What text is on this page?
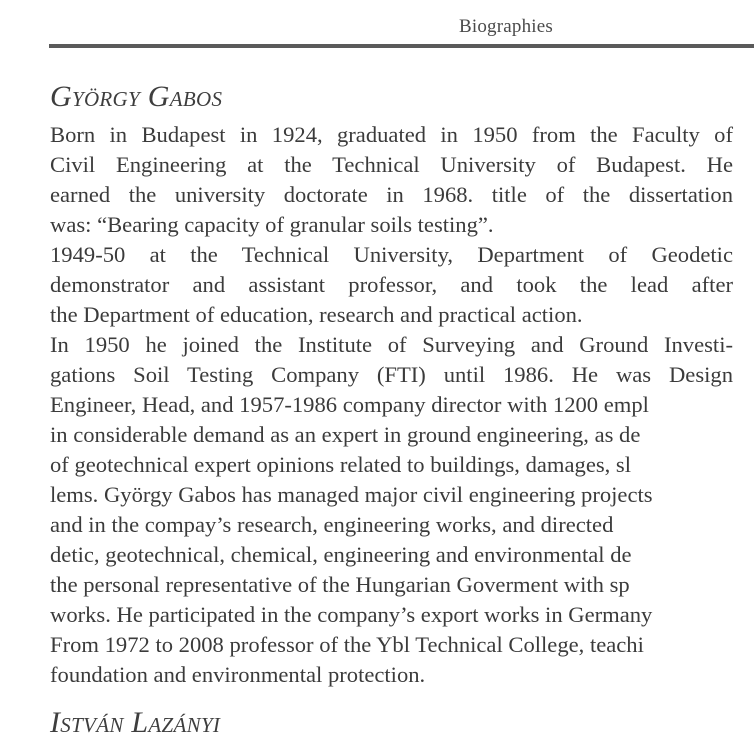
Biographies
György Gabos
Born in Budapest in 1924, graduated in 1950 from the Faculty of
Civil Engineering at the Technical University of Budapest. He
earned the university doctorate in 1968. title of the dissertation
was: “Bearing capacity of granular soils testing”.
1949-50 at the Technical University, Department of Geodetic
demonstrator and assistant professor, and took the lead after
the Department of education, research and practical action.
In 1950 he joined the Institute of Surveying and Ground Investi-
gations Soil Testing Company (FTI) until 1986. He was Design
Engineer, Head, and 1957-1986 company director with 1200 empl
in considerable demand as an expert in ground engineering, as de
of geotechnical expert opinions related to buildings, damages, sl
lems. György Gabos has managed major civil engineering projects
and in the compay’s research, engineering works, and directed
detic, geotechnical, chemical, engineering and environmental de
the personal representative of the Hungarian Goverment with sp
works. He participated in the company’s export works in Germany
From 1972 to 2008 professor of the Ybl Technical College, teachi
foundation and environmental protection.
István Lazányi
